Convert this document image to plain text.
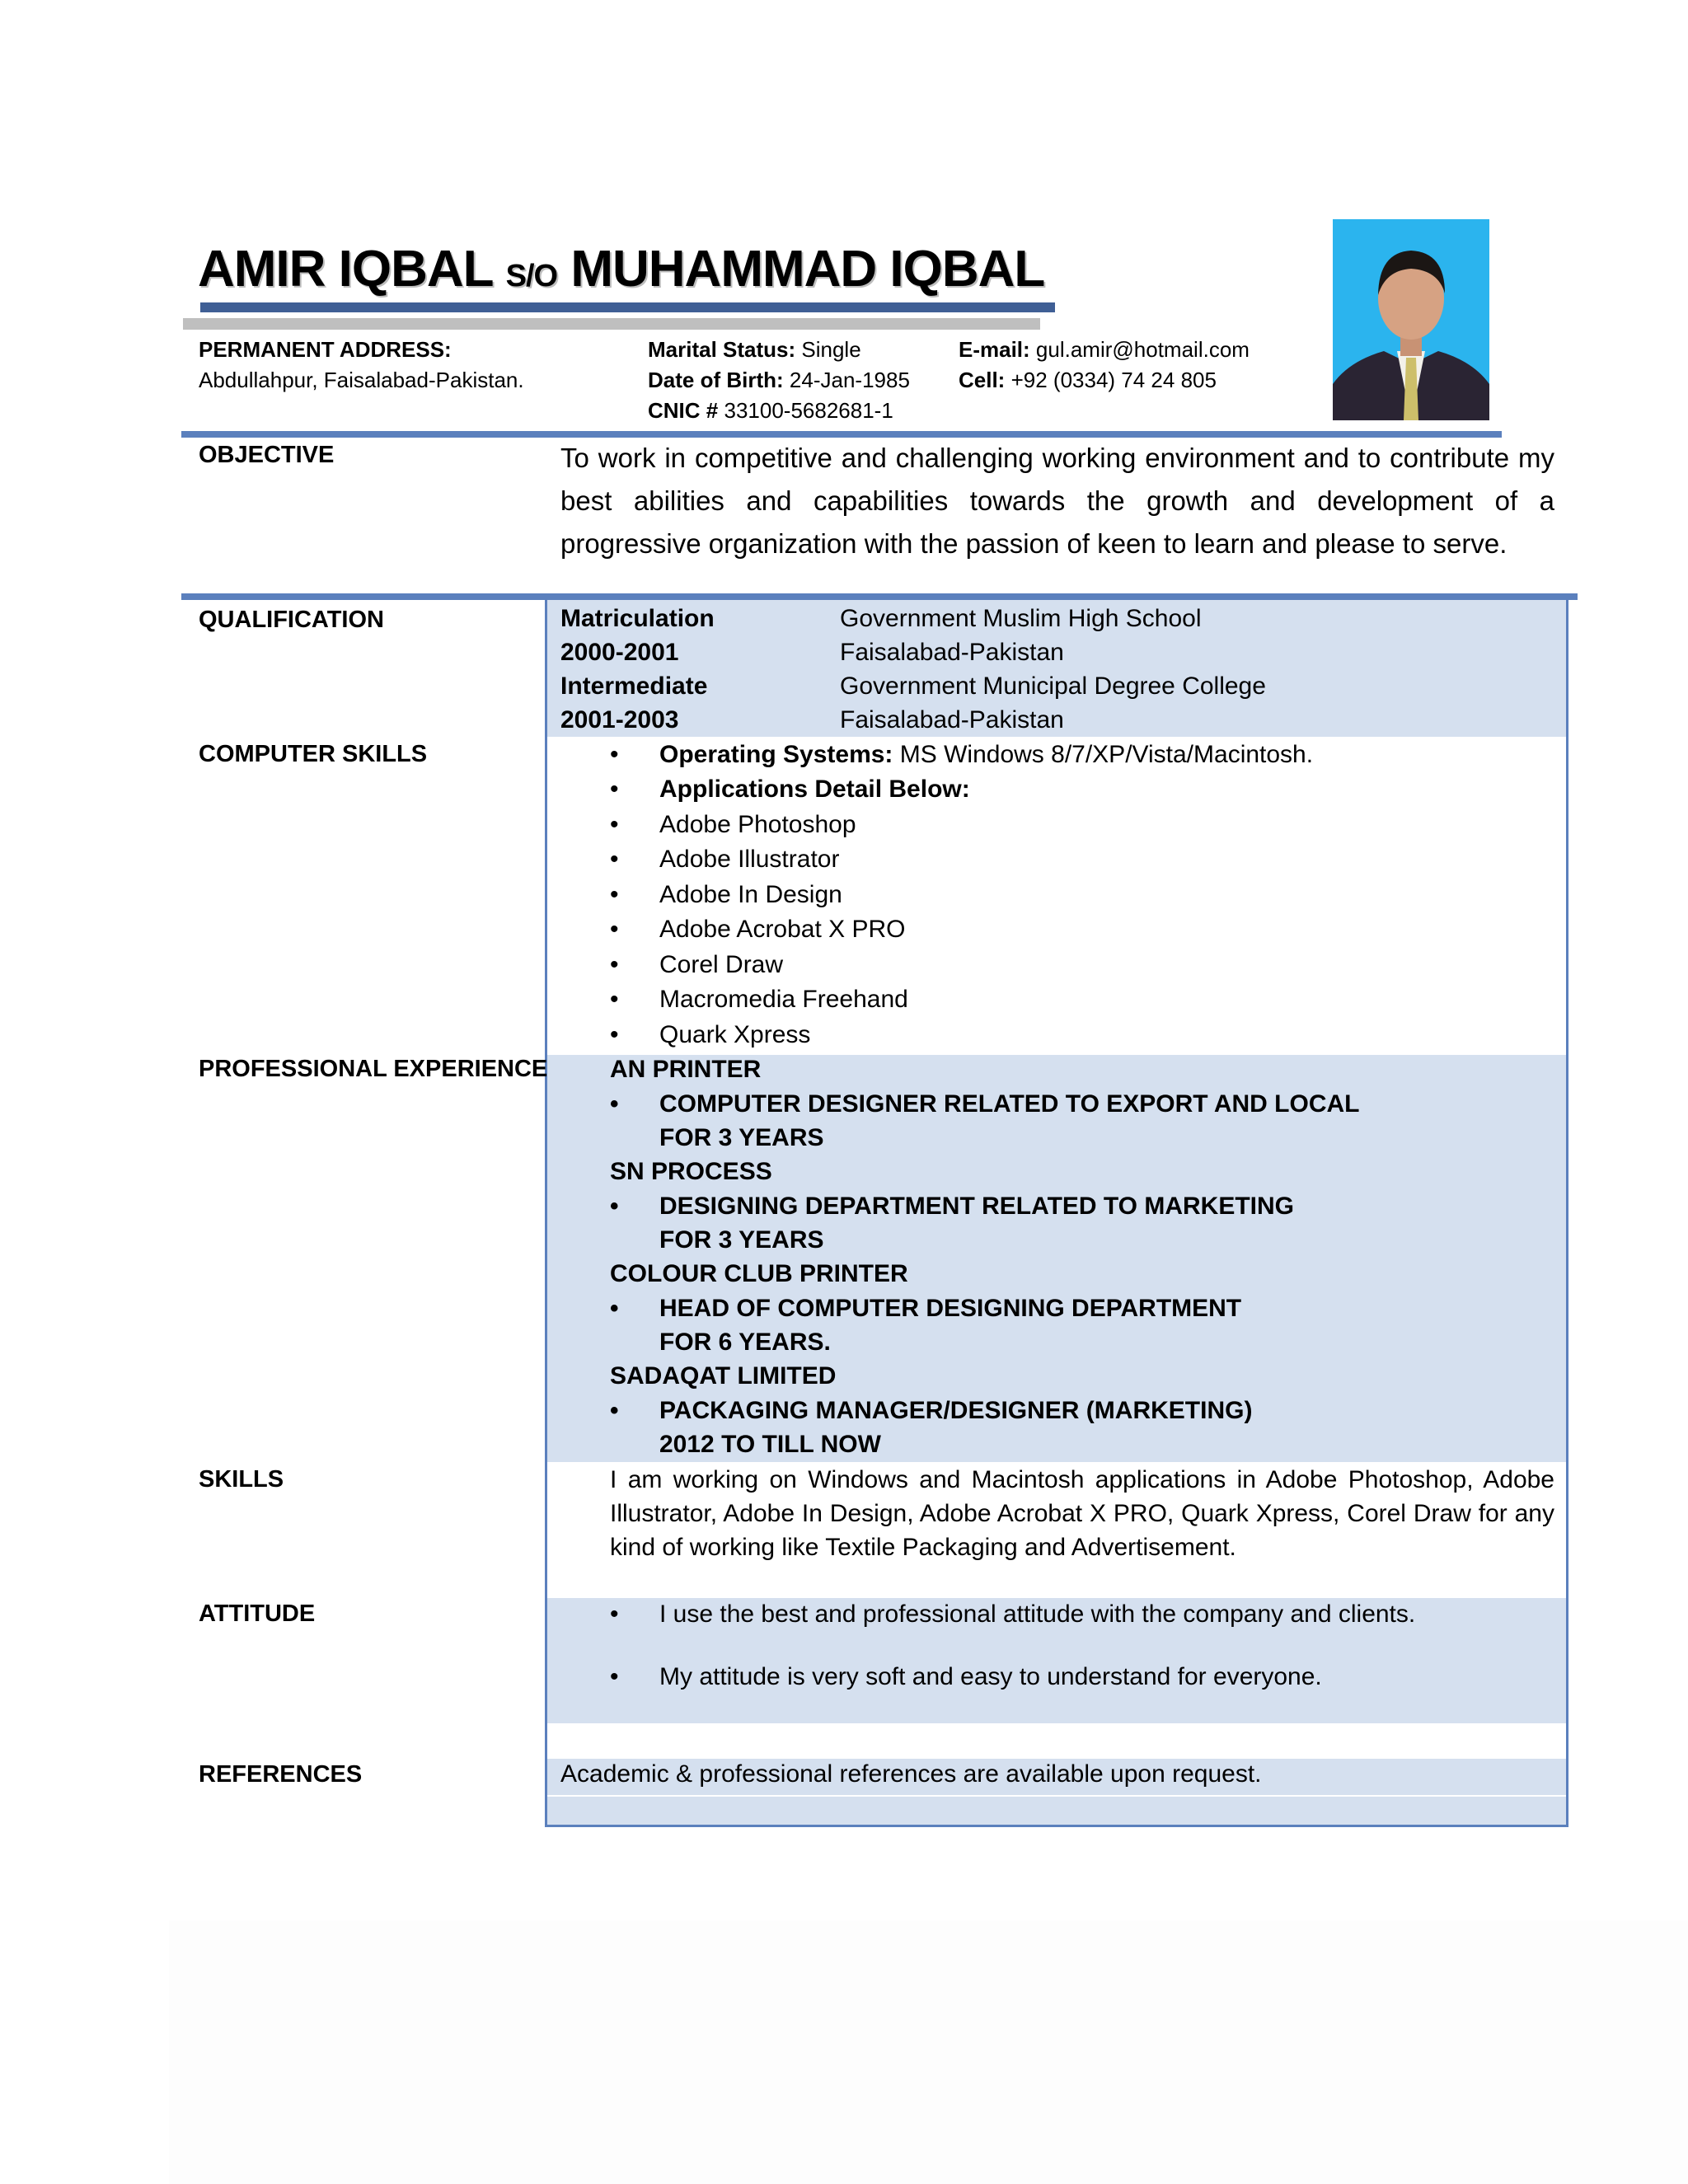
AMIR IQBAL S/O MUHAMMAD IQBAL
PERMANENT ADDRESS:
Abdullahpur, Faisalabad-Pakistan.
Marital Status: Single
Date of Birth: 24-Jan-1985
CNIC # 33100-5682681-1
E-mail: gul.amir@hotmail.com
Cell: +92 (0334) 74 24 805
OBJECTIVE	To work in competitive and challenging working environment and to contribute my best abilities and capabilities towards the growth and development of a progressive organization with the passion of keen to learn and please to serve.
QUALIFICATION	Matriculation	Government Muslim High School
2000-2001	Faisalabad-Pakistan
Intermediate	Government Municipal Degree College
2001-2003	Faisalabad-Pakistan
COMPUTER SKILLS	• Operating Systems: MS Windows 8/7/XP/Vista/Macintosh.
• Applications Detail Below:
• Adobe Photoshop
• Adobe Illustrator
• Adobe In Design
• Adobe Acrobat X PRO
• Corel Draw
• Macromedia Freehand
• Quark Xpress
PROFESSIONAL EXPERIENCE	AN PRINTER
• COMPUTER DESIGNER RELATED TO EXPORT AND LOCAL
FOR 3 YEARS
SN PROCESS
• DESIGNING DEPARTMENT RELATED TO MARKETING
FOR 3 YEARS
COLOUR CLUB PRINTER
• HEAD OF COMPUTER DESIGNING DEPARTMENT
FOR 6 YEARS.
SADAQAT LIMITED
• PACKAGING MANAGER/DESIGNER (MARKETING)
2012 TO TILL NOW
SKILLS	I am working on Windows and Macintosh applications in Adobe Photoshop, Adobe Illustrator, Adobe In Design, Adobe Acrobat X PRO, Quark Xpress, Corel Draw for any kind of working like Textile Packaging and Advertisement.
ATTITUDE	• I use the best and professional attitude with the company and clients.
• My attitude is very soft and easy to understand for everyone.
REFERENCES	Academic & professional references are available upon request.
